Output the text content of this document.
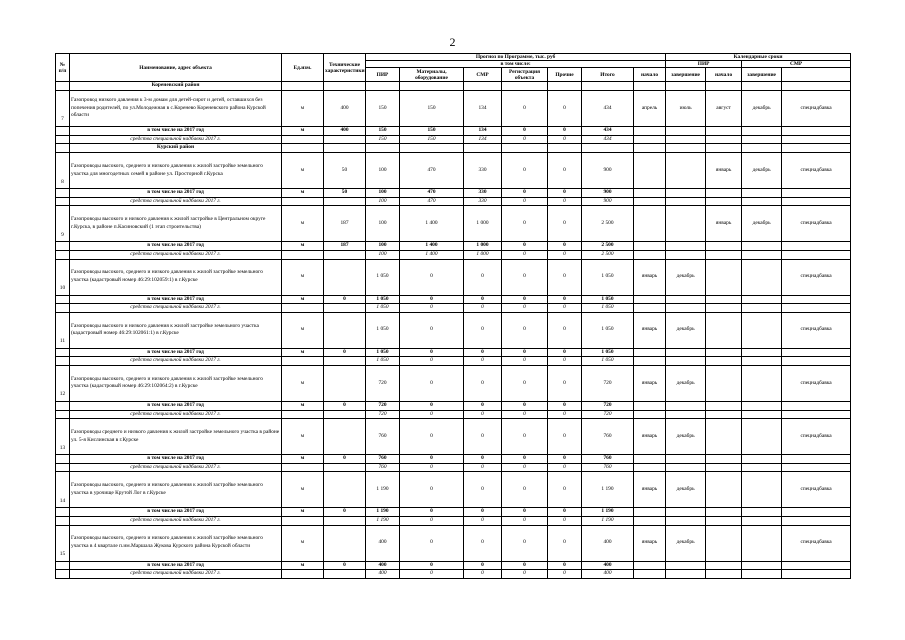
2
№ п/п	Наименование, адрес объекта	Ед.изм.	Технические характеристики	Прогноз по Программе, тыс. руб							Календарные сроки	
				в том числе:							ПИР		СМР		
				ПИР	Материалы, оборудование	СМР	Регистрация объекта	Прочие	Итого	начало	завершение	начало	завершение		
	Кореневский район														
7	Газопровод низкого давления к 3-м домам для детей-сирот и детей, оставшихся без попечения родителей, по ул.Молодежная в с.Коренево Кореневского района Курской области	м	400	150	150	134	0	0	434	апрель	июль	август	декабрь	спецнадбавка	
	в том числе на 2017 год	м	400	150	150	134	0	0	434						
	средства специальной надбавки 2017 г.			150	150	134	0	0	434						
	Курский район														
8	Газопроводы высокого, среднего и низкого давления к жилой застройке земельного участка для многодетных семей в районе ул. Просторной г.Курска	м	50	100	470	330	0	0	900			январь	декабрь	спецнадбавка	
	в том числе на 2017 год	м	50	100	470	330	0	0	900						
	средства специальной надбавки 2017 г.			100	470	330	0	0	900						
9	Газопроводы высокого и низкого давления к жилой застройке в Центральном округе г.Курска, в районе п.Касиновский (1 этап строительства)	м	187	100	1 400	1 000	0	0	2 500			январь	декабрь	спецнадбавка	
	в том числе на 2017 год	м	187	100	1 400	1 000	0	0	2 500						
	средства специальной надбавки 2017 г.			100	1 400	1 000	0	0	2 500						
10	Газопроводы высокого, среднего и низкого давления к жилой застройке земельного участка (кадастровый номер 46:29:102059:1) в г.Курске	м		1 050	0	0	0	0	1 050	январь	декабрь			спецнадбавка	
	в том числе на 2017 год	м	0	1 050	0	0	0	0	1 050						
	средства специальной надбавки 2017 г.			1 050	0	0	0	0	1 050						
11	Газопроводы высокого и низкого давления к жилой застройке земельного участка (кадастровый номер 46:29:102061:1) в г.Курске	м		1 050	0	0	0	0	1 050	январь	декабрь			спецнадбавка	
	в том числе на 2017 год	м	0	1 050	0	0	0	0	1 050						
	средства специальной надбавки 2017 г.			1 050	0	0	0	0	1 050						
12	Газопроводы высокого, среднего и низкого давления к жилой застройке земельного участка (кадастровый номер 46:29:102064:2) в г.Курске	м		720	0	0	0	0	720	январь	декабрь			спецнадбавка	
	в том числе на 2017 год	м	0	720	0	0	0	0	720						
	средства специальной надбавки 2017 г.			720	0	0	0	0	720						
13	Газопроводы среднего и низкого давления к жилой застройке земельного участка в районе ул. 5-я Кислинская в г.Курске	м		760	0	0	0	0	760	январь	декабрь			спецнадбавка	
	в том числе на 2017 год	м	0	760	0	0	0	0	760						
	средства специальной надбавки 2017 г.			760	0	0	0	0	760						
14	Газопроводы высокого, среднего и низкого давления к жилой застройке земельного участка в урочище Крутой Лог в г.Курске	м		1 190	0	0	0	0	1 190	январь	декабрь			спецнадбавка	
	в том числе на 2017 год	м	0	1 190	0	0	0	0	1 190						
	средства специальной надбавки 2017 г.			1 190	0	0	0	0	1 190						
15	Газопроводы высокого, среднего и низкого давления к жилой застройке земельного участка в 4 квартале п.им.Маршала Жукова Курского района Курской области	м		400	0	0	0	0	400	январь	декабрь			спецнадбавка	
	в том числе на 2017 год	м	0	400	0	0	0	0	400						
	средства специальной надбавки 2017 г.			400	0	0	0	0	400						
